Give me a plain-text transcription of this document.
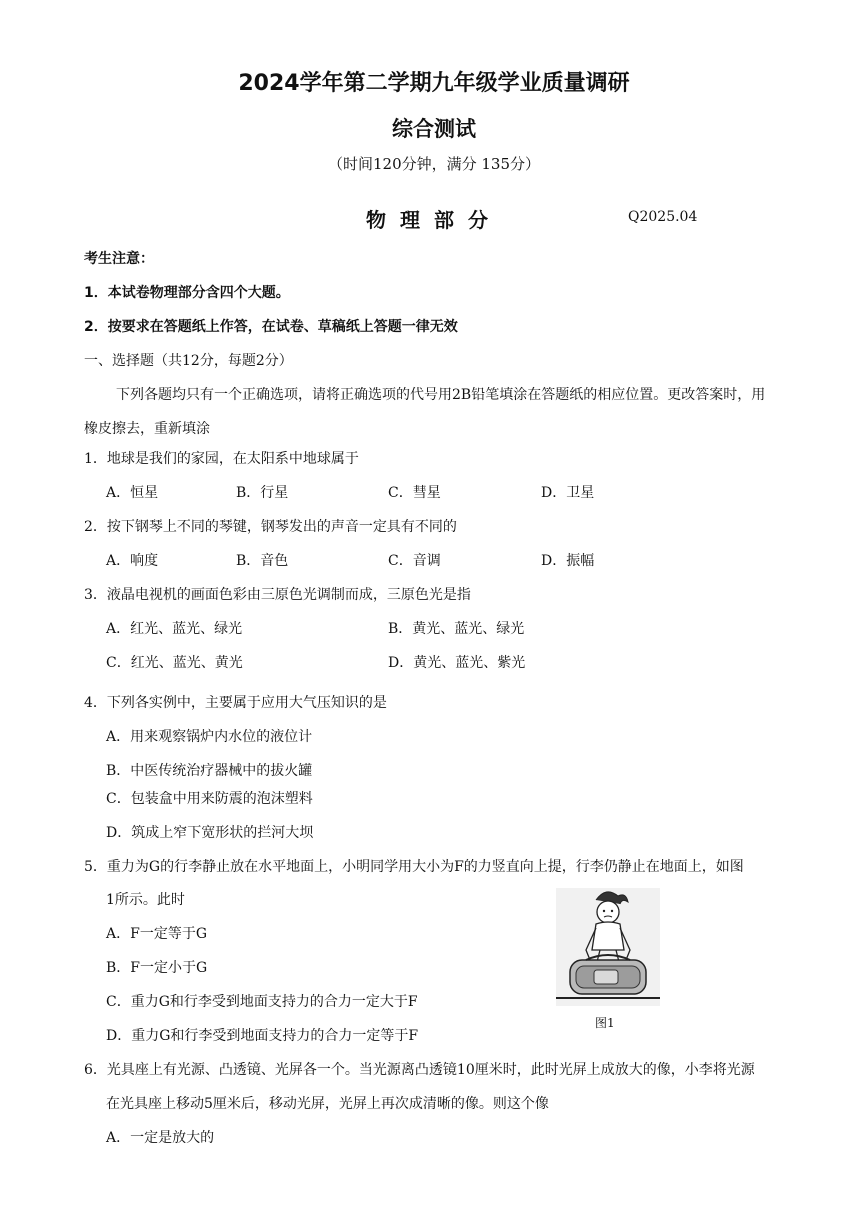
2024学年第二学期九年级学业质量调研
综合测试
（时间120分钟，满分 135分）
物理部分	Q2025.04
考生注意：
1．本试卷物理部分含四个大题。
2．按要求在答题纸上作答，在试卷、草稿纸上答题一律无效
一、选择题（共12分，每题2分）
下列各题均只有一个正确选项，请将正确选项的代号用2B铅笔填涂在答题纸的相应位置。更改答案时，用
橡皮擦去，重新填涂
1．地球是我们的家园，在太阳系中地球属于
A．恒星	B．行星	C．彗星	D．卫星
2．按下钢琴上不同的琴键，钢琴发出的声音一定具有不同的
A．响度	B．音色	C．音调	D．振幅
3．液晶电视机的画面色彩由三原色光调制而成，三原色光是指
A．红光、蓝光、绿光	B．黄光、蓝光、绿光
C．红光、蓝光、黄光	D．黄光、蓝光、紫光
4．下列各实例中，主要属于应用大气压知识的是
A．用来观察锅炉内水位的液位计
B．中医传统治疗器械中的拔火罐
C．包装盒中用来防震的泡沫塑料
D．筑成上窄下宽形状的拦河大坝
5．重力为G的行李静止放在水平地面上，小明同学用大小为F的力竖直向上提，行李仍静止在地面上，如图
1所示。此时
A．F一定等于G
B．F一定小于G
C．重力G和行李受到地面支持力的合力一定大于F
D．重力G和行李受到地面支持力的合力一定等于F
图1
6．光具座上有光源、凸透镜、光屏各一个。当光源离凸透镜10厘米时，此时光屏上成放大的像，小李将光源
在光具座上移动5厘米后，移动光屏，光屏上再次成清晰的像。则这个像
A．一定是放大的
